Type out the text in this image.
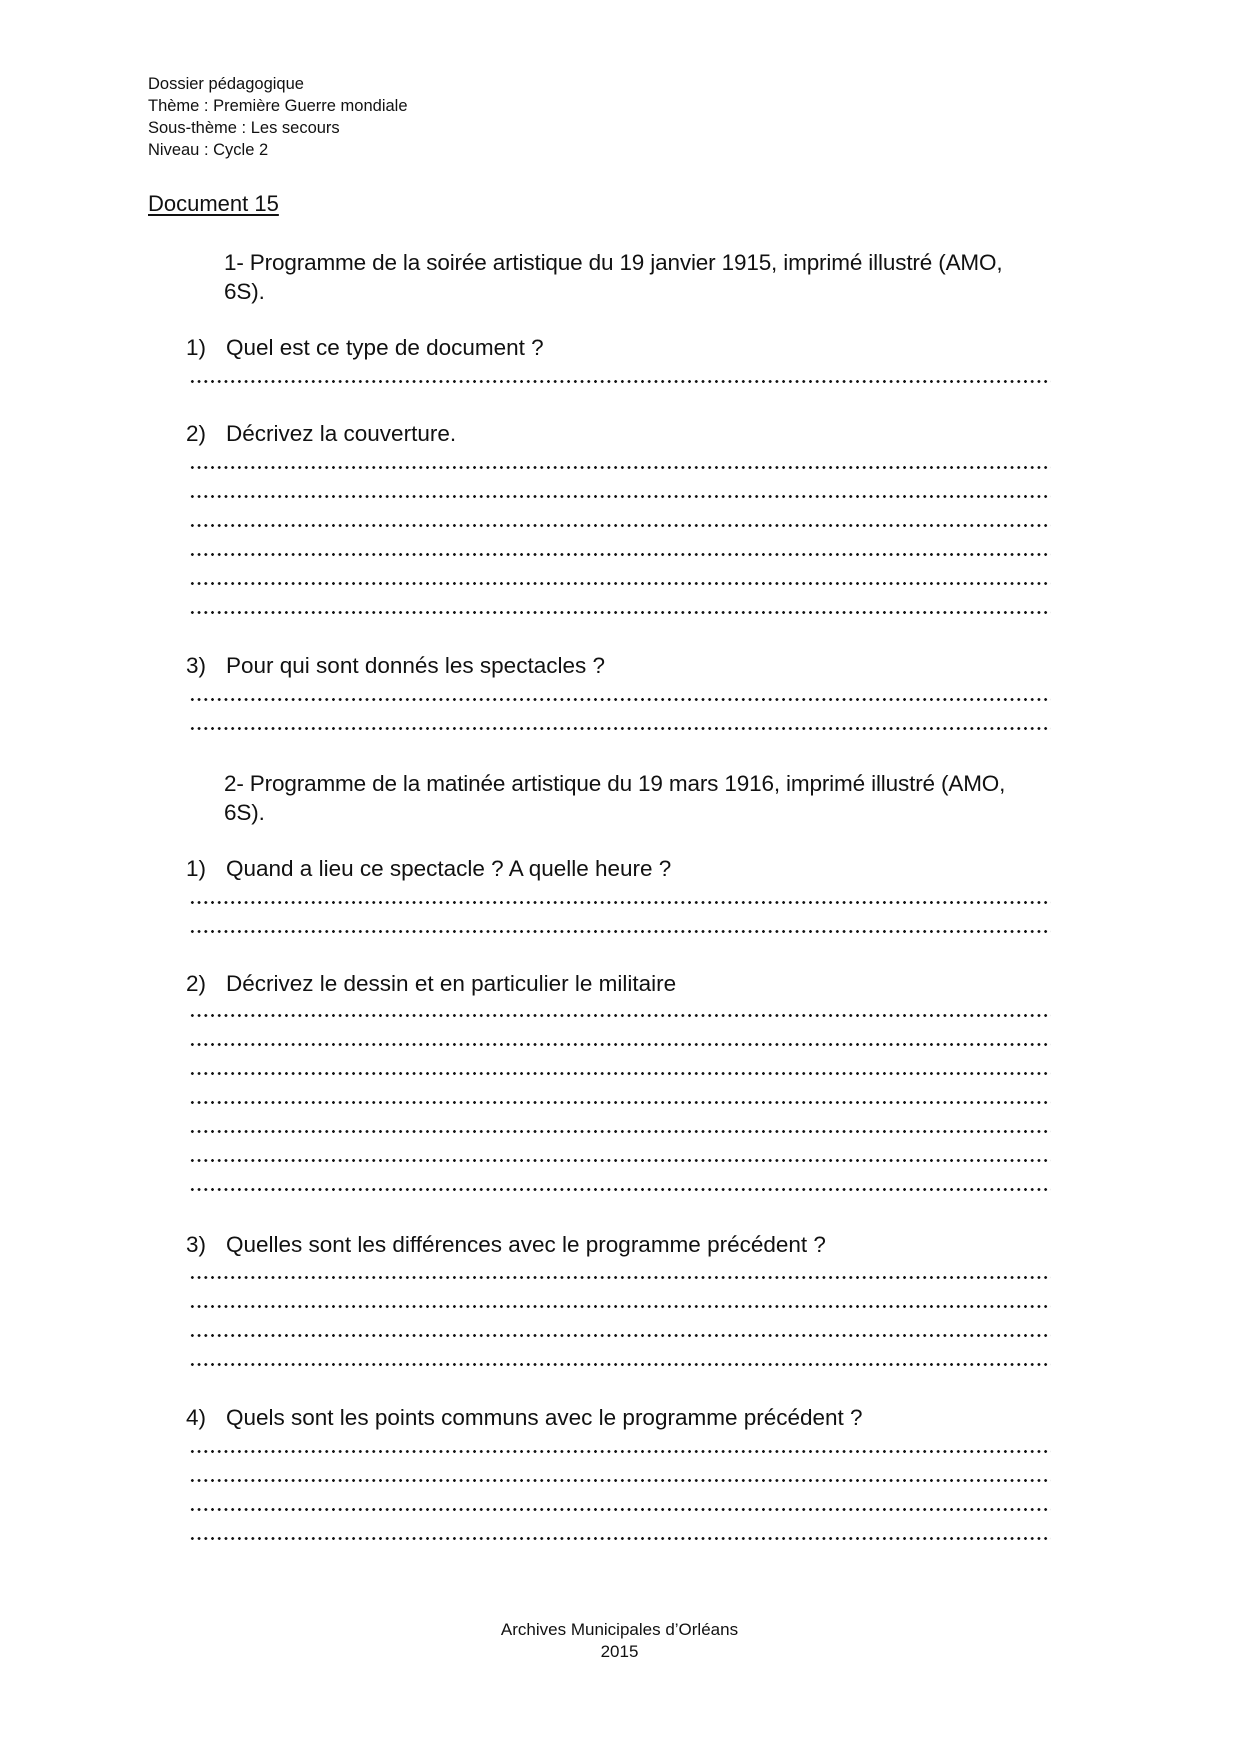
Dossier pédagogique
Thème : Première Guerre mondiale
Sous-thème : Les secours
Niveau : Cycle 2
Document 15
1- Programme de la soirée artistique du 19 janvier 1915, imprimé illustré (AMO,
6S).
1) Quel est ce type de document ?
2) Décrivez la couverture.
3) Pour qui sont donnés les spectacles ?
2- Programme de la matinée artistique du 19 mars 1916, imprimé illustré (AMO,
6S).
1) Quand a lieu ce spectacle ? A quelle heure ?
2) Décrivez le dessin et en particulier le militaire
3) Quelles sont les différences avec le programme précédent ?
4) Quels sont les points communs avec le programme précédent ?
Archives Municipales d’Orléans
2015
